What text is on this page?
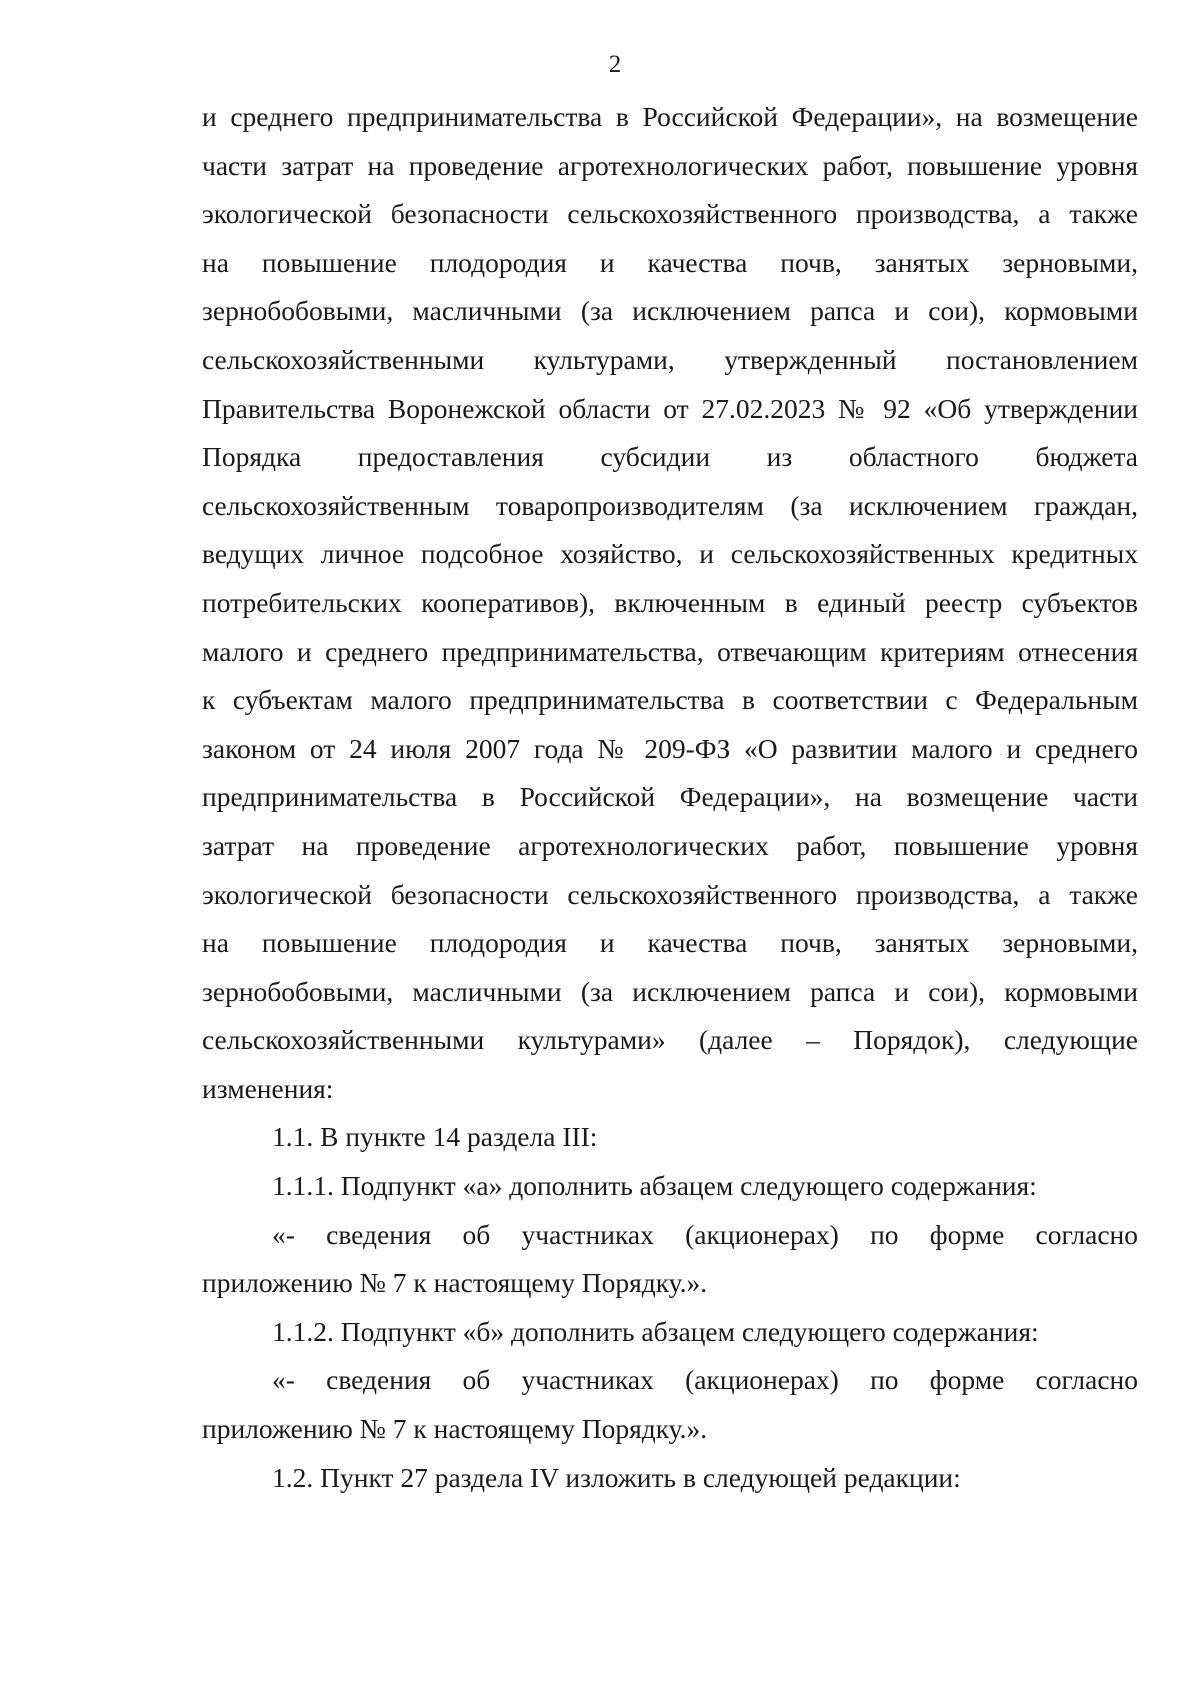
2
и среднего предпринимательства в Российской Федерации», на возмещение
части затрат на проведение агротехнологических работ, повышение уровня
экологической безопасности сельскохозяйственного производства, а также
на повышение плодородия и качества почв, занятых зерновыми,
зернобобовыми, масличными (за исключением рапса и сои), кормовыми
сельскохозяйственными культурами, утвержденный постановлением
Правительства Воронежской области от 27.02.2023 № 92 «Об утверждении
Порядка предоставления субсидии из областного бюджета
сельскохозяйственным товаропроизводителям (за исключением граждан,
ведущих личное подсобное хозяйство, и сельскохозяйственных кредитных
потребительских кооперативов), включенным в единый реестр субъектов
малого и среднего предпринимательства, отвечающим критериям отнесения
к субъектам малого предпринимательства в соответствии с Федеральным
законом от 24 июля 2007 года № 209-ФЗ «О развитии малого и среднего
предпринимательства в Российской Федерации», на возмещение части
затрат на проведение агротехнологических работ, повышение уровня
экологической безопасности сельскохозяйственного производства, а также
на повышение плодородия и качества почв, занятых зерновыми,
зернобобовыми, масличными (за исключением рапса и сои), кормовыми
сельскохозяйственными культурами» (далее – Порядок), следующие
изменения:
1.1. В пункте 14 раздела III:
1.1.1. Подпункт «а» дополнить абзацем следующего содержания:
«- сведения об участниках (акционерах) по форме согласно
приложению № 7 к настоящему Порядку.».
1.1.2. Подпункт «б» дополнить абзацем следующего содержания:
«- сведения об участниках (акционерах) по форме согласно
приложению № 7 к настоящему Порядку.».
1.2. Пункт 27 раздела IV изложить в следующей редакции:
